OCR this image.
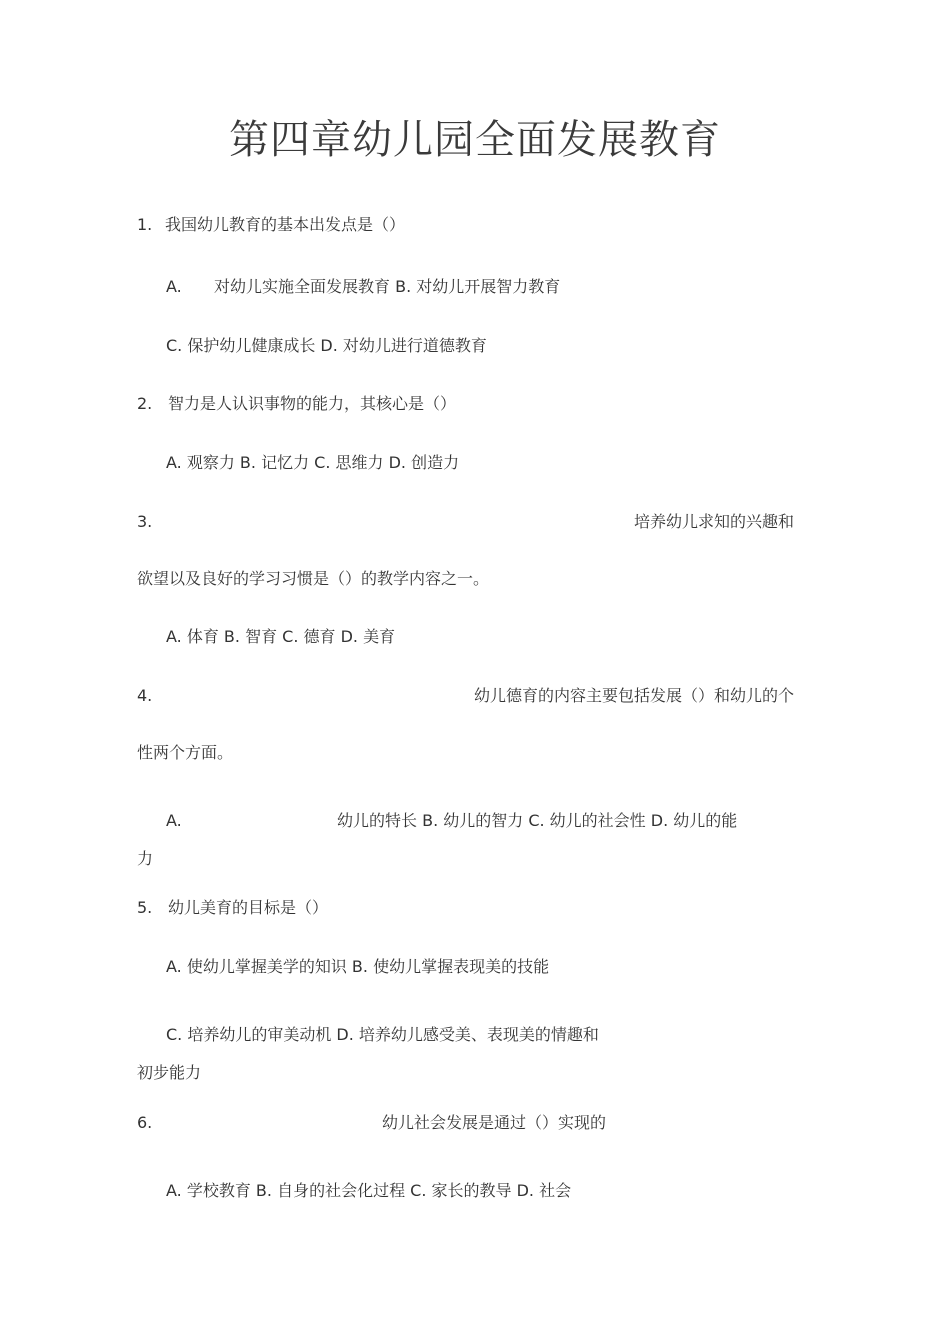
第四章幼儿园全面发展教育
1. 我国幼儿教育的基本出发点是（）
A. 对幼儿实施全面发展教育 B. 对幼儿开展智力教育
C. 保护幼儿健康成长 D. 对幼儿进行道德教育
2. 智力是人认识事物的能力，其核心是（）
A. 观察力 B. 记忆力 C. 思维力 D. 创造力
3.	培养幼儿求知的兴趣和
欲望以及良好的学习习惯是（）的教学内容之一。
A. 体育 B. 智育 C. 德育 D. 美育
4.	幼儿德育的内容主要包括发展（）和幼儿的个
性两个方面。
A.	幼儿的特长 B. 幼儿的智力 C. 幼儿的社会性 D. 幼儿的能
力
5. 幼儿美育的目标是（）
A. 使幼儿掌握美学的知识 B. 使幼儿掌握表现美的技能
C. 培养幼儿的审美动机 D. 培养幼儿感受美、表现美的情趣和
初步能力
6.	幼儿社会发展是通过（）实现的
A. 学校教育 B. 自身的社会化过程 C. 家长的教导 D. 社会
